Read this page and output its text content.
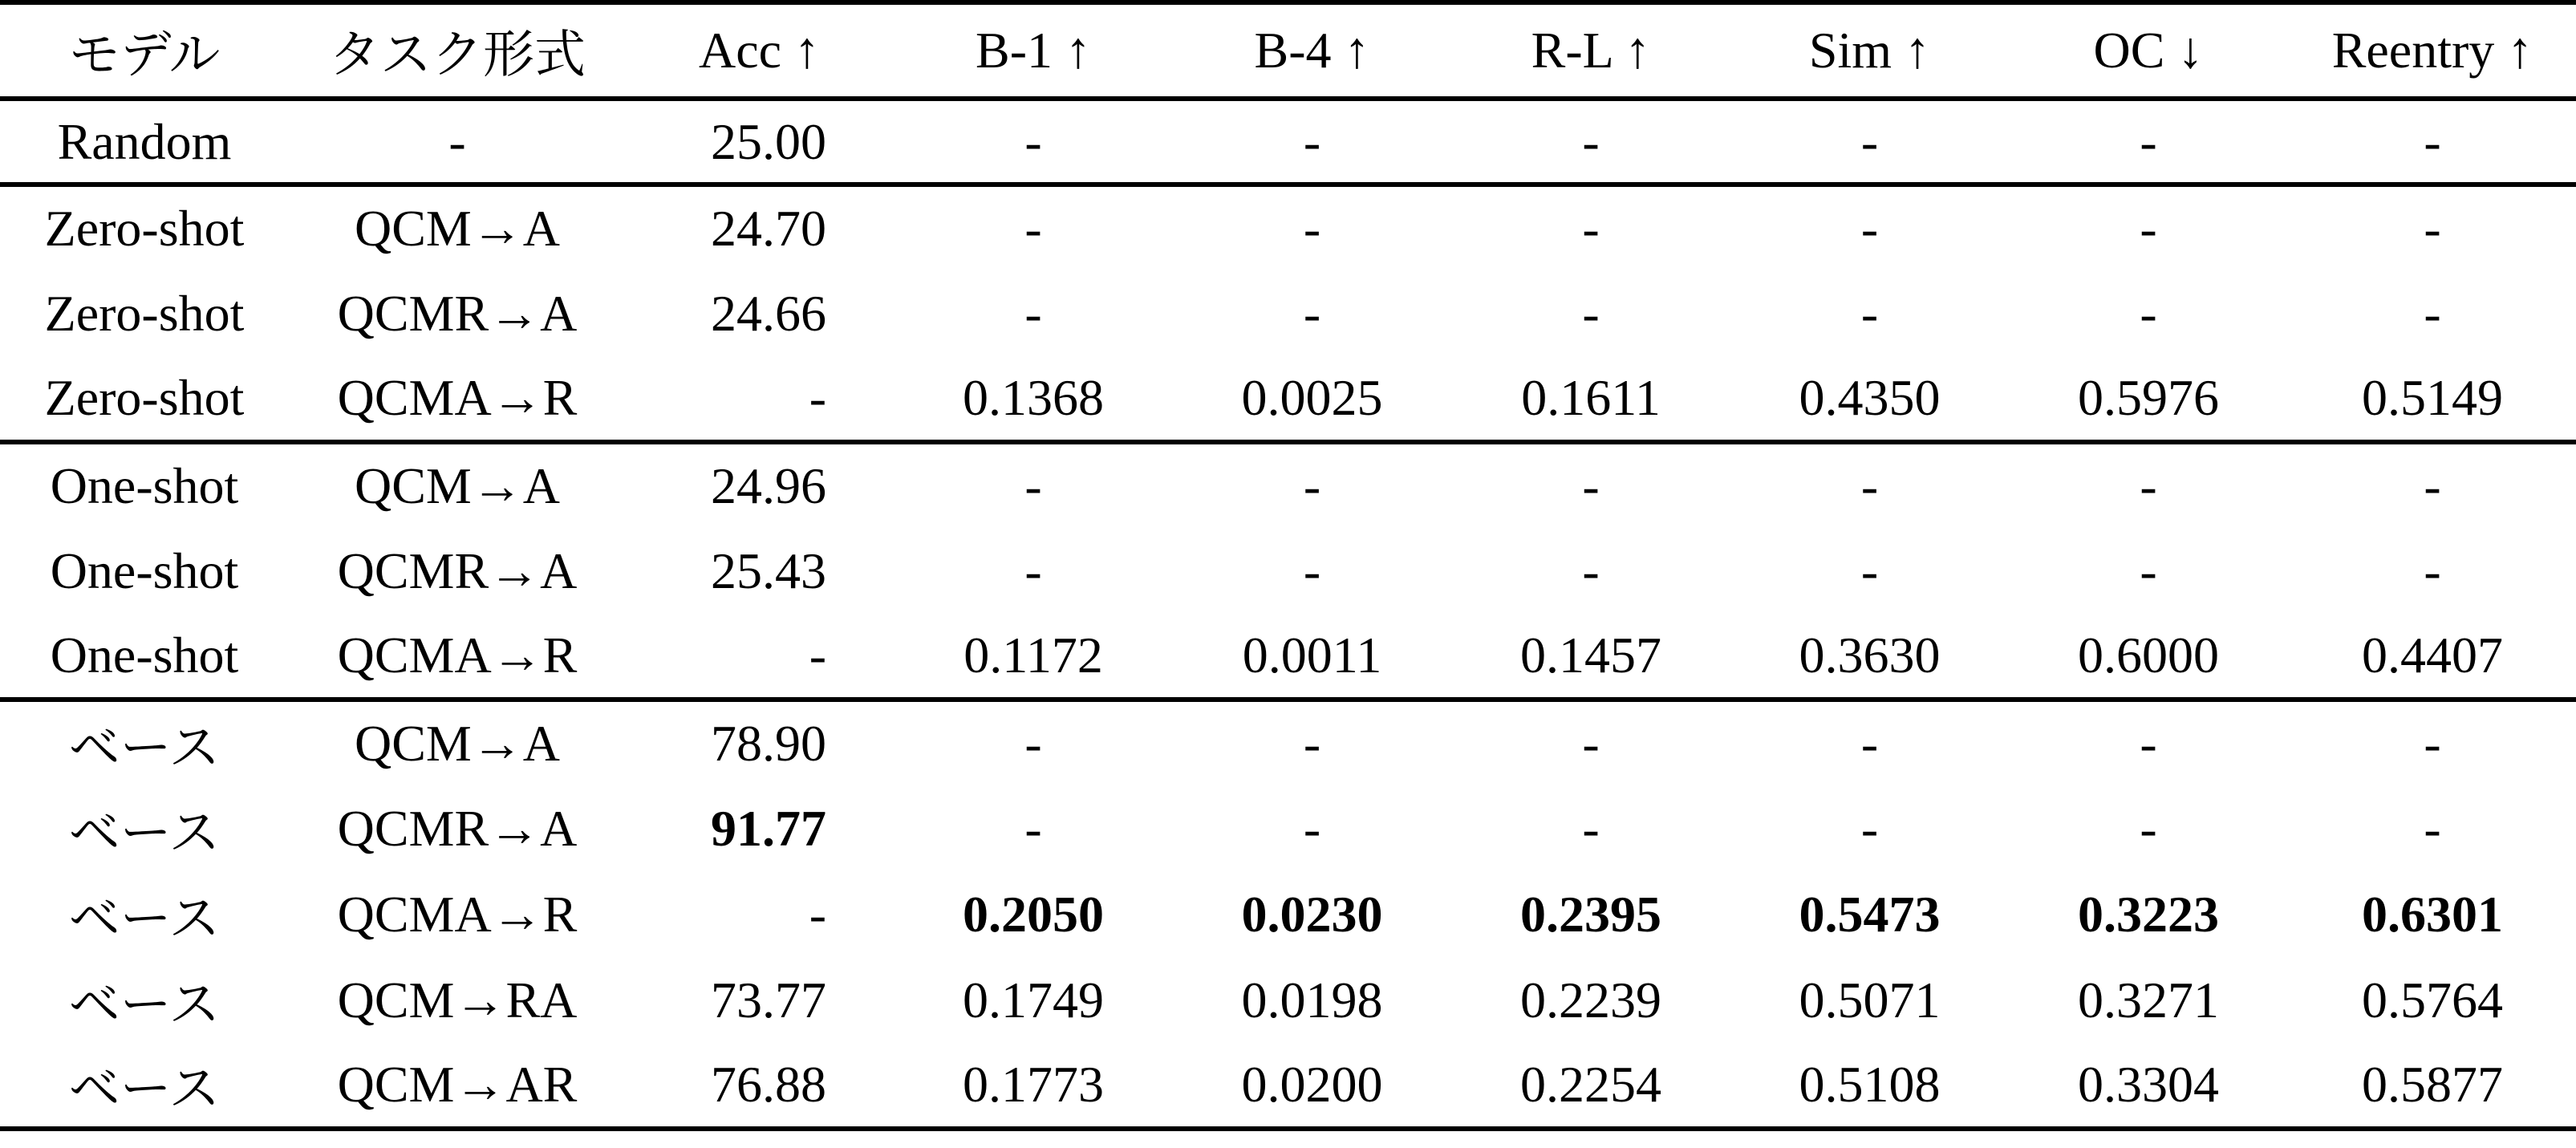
モデル	タスク形式	Acc ↑	B-1 ↑	B-4 ↑	R-L ↑	Sim ↑	OC ↓	Reentry ↑
Random	-	25.00	-	-	-	-	-	-
Zero-shot	QCM→A	24.70	-	-	-	-	-	-
Zero-shot	QCMR→A	24.66	-	-	-	-	-	-
Zero-shot	QCMA→R	-	0.1368	0.0025	0.1611	0.4350	0.5976	0.5149
One-shot	QCM→A	24.96	-	-	-	-	-	-
One-shot	QCMR→A	25.43	-	-	-	-	-	-
One-shot	QCMA→R	-	0.1172	0.0011	0.1457	0.3630	0.6000	0.4407
ベース	QCM→A	78.90	-	-	-	-	-	-
ベース	QCMR→A	91.77	-	-	-	-	-	-
ベース	QCMA→R	-	0.2050	0.0230	0.2395	0.5473	0.3223	0.6301
ベース	QCM→RA	73.77	0.1749	0.0198	0.2239	0.5071	0.3271	0.5764
ベース	QCM→AR	76.88	0.1773	0.0200	0.2254	0.5108	0.3304	0.5877
